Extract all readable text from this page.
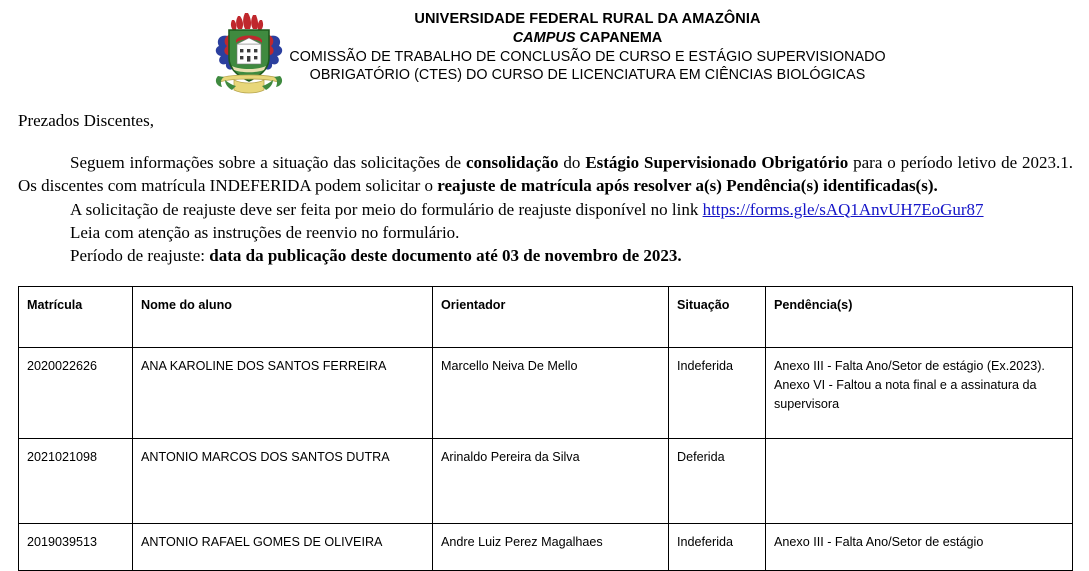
UNIVERSIDADE FEDERAL RURAL DA AMAZÔNIA
CAMPUS CAPANEMA
COMISSÃO DE TRABALHO DE CONCLUSÃO DE CURSO E ESTÁGIO SUPERVISIONADO
OBRIGATÓRIO (CTES) DO CURSO DE LICENCIATURA EM CIÊNCIAS BIOLÓGICAS
Prezados Discentes,

Seguem informações sobre a situação das solicitações de consolidação do Estágio Supervisionado Obrigatório para o período letivo de 2023.1. Os discentes com matrícula INDEFERIDA podem solicitar o reajuste de matrícula após resolver a(s) Pendência(s) identificadas(s).

A solicitação de reajuste deve ser feita por meio do formulário de reajuste disponível no link https://forms.gle/sAQ1AnvUH7EoGur87

Leia com atenção as instruções de reenvio no formulário.

Período de reajuste: data da publicação deste documento até 03 de novembro de 2023.

Matrícula	Nome do aluno	Orientador	Situação	Pendência(s)
2020022626	ANA KAROLINE DOS SANTOS FERREIRA	Marcello Neiva De Mello	Indeferida	Anexo III - Falta Ano/Setor de estágio (Ex.2023). Anexo VI - Faltou a nota final e a assinatura da supervisora
2021021098	ANTONIO MARCOS DOS SANTOS DUTRA	Arinaldo Pereira da Silva	Deferida	
2019039513	ANTONIO RAFAEL GOMES DE OLIVEIRA	Andre Luiz Perez Magalhaes	Indeferida	Anexo III - Falta Ano/Setor de estágio
